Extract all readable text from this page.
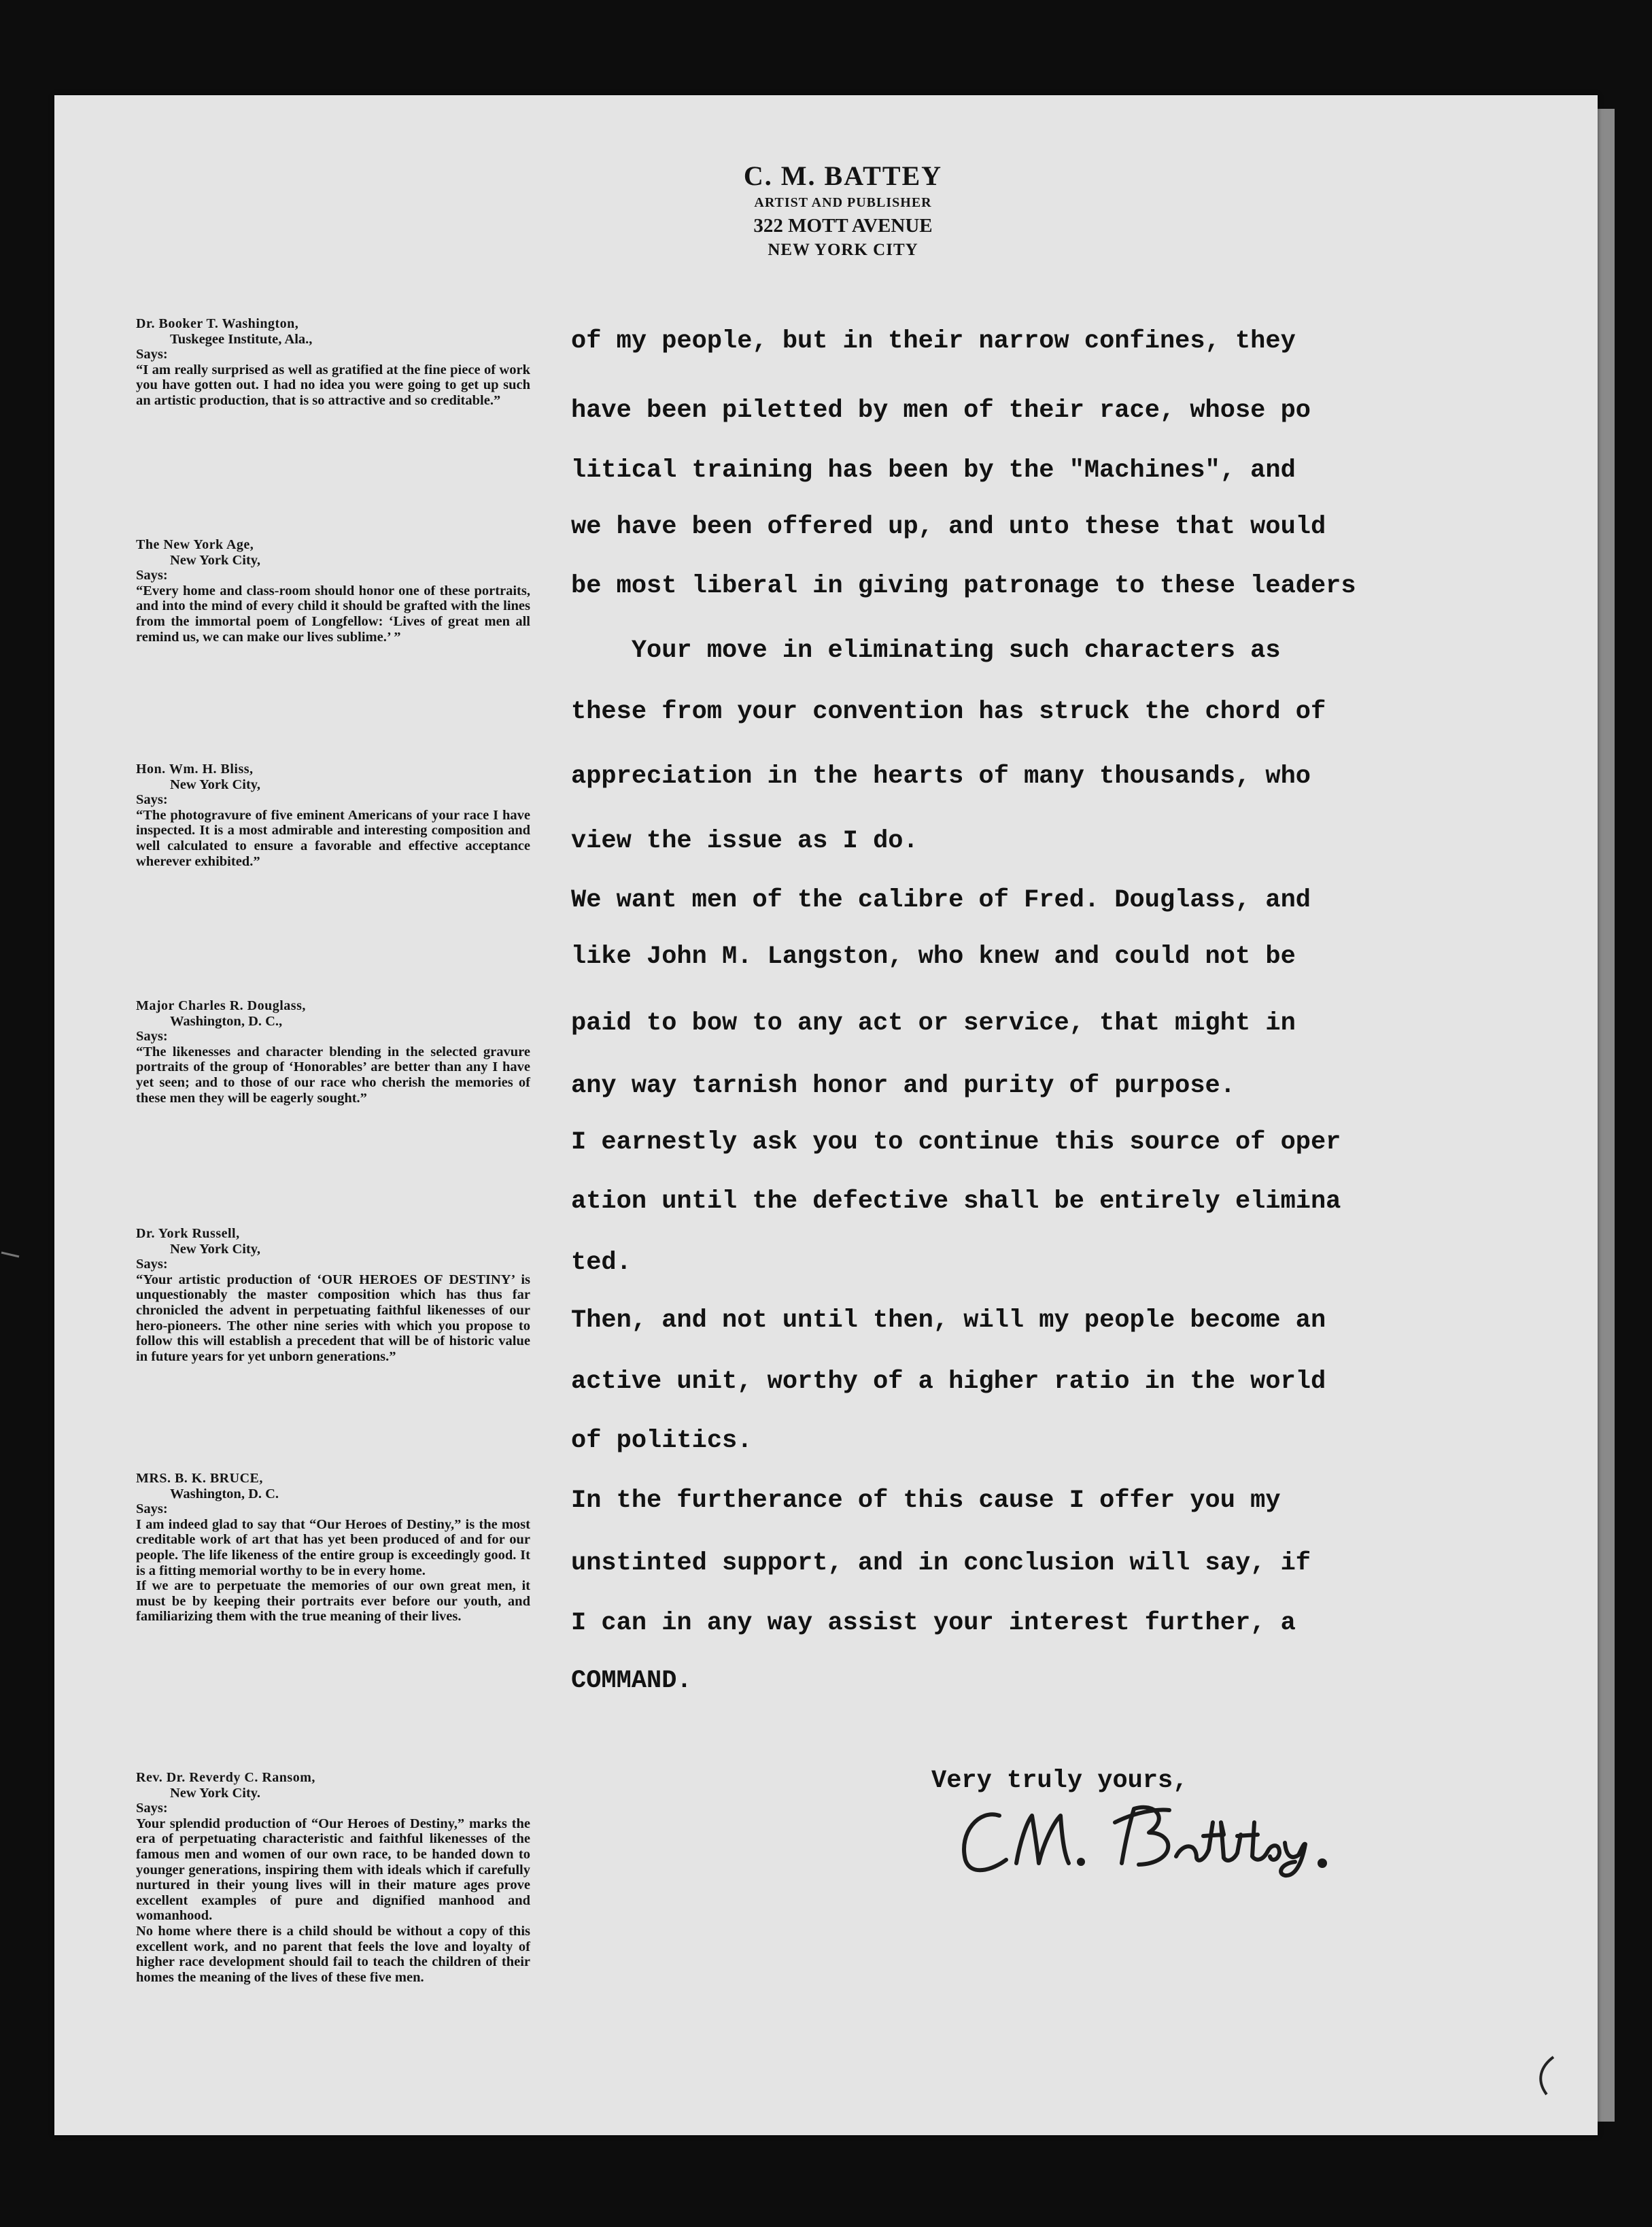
C. M. BATTEY
ARTIST AND PUBLISHER
322 MOTT AVENUE
NEW YORK CITY
Dr. Booker T. Washington,
Tuskegee Institute, Ala.,
Says:
“I am really surprised as well as gratified at the fine piece of work you have gotten out. I had no idea you were going to get up such an artistic production, that is so attractive and so creditable.”
The New York Age,
New York City,
Says:
“Every home and class-room should honor one of these portraits, and into the mind of every child it should be grafted with the lines from the immortal poem of Longfellow: ‘Lives of great men all remind us, we can make our lives sublime.’ ”
Hon. Wm. H. Bliss,
New York City,
Says:
“The photogravure of five eminent Americans of your race I have inspected. It is a most admirable and interesting composition and well calculated to ensure a favorable and effective acceptance wherever exhibited.”
Major Charles R. Douglass,
Washington, D. C.,
Says:
“The likenesses and character blending in the selected gravure portraits of the group of ‘Honorables’ are better than any I have yet seen; and to those of our race who cherish the memories of these men they will be eagerly sought.”
Dr. York Russell,
New York City,
Says:
“Your artistic production of ‘OUR HEROES OF DESTINY’ is unquestionably the master composition which has thus far chronicled the advent in perpetuating faithful likenesses of our hero-pioneers. The other nine series with which you propose to follow this will establish a precedent that will be of historic value in future years for yet unborn generations.”
MRS. B. K. BRUCE,
Washington, D. C.
Says:
I am indeed glad to say that “Our Heroes of Destiny,” is the most creditable work of art that has yet been produced of and for our people. The life likeness of the entire group is exceedingly good. It is a fitting memorial worthy to be in every home.
If we are to perpetuate the memories of our own great men, it must be by keeping their portraits ever before our youth, and familiarizing them with the true meaning of their lives.
Rev. Dr. Reverdy C. Ransom,
New York City.
Says:
Your splendid production of “Our Heroes of Destiny,” marks the era of perpetuating characteristic and faithful likenesses of the famous men and women of our own race, to be handed down to younger generations, inspiring them with ideals which if carefully nurtured in their young lives will in their mature ages prove excellent examples of pure and dignified manhood and womanhood.
No home where there is a child should be without a copy of this excellent work, and no parent that feels the love and loyalty of higher race development should fail to teach the children of their homes the meaning of the lives of these five men.
of my people, but in their narrow confines, they
have been piletted by men of their race, whose po
litical training has been by the "Machines", and
we have been offered up, and unto these that would
be most liberal in giving patronage to these leaders
Your move in eliminating such characters as
these from your convention has struck the chord of
appreciation in the hearts of many thousands, who
view the issue as I do.
We want men of the calibre of Fred. Douglass, and
like John M. Langston, who knew and could not be
paid to bow to any act or service, that might in
any way tarnish honor and purity of purpose.
I earnestly ask you to continue this source of oper
ation until the defective shall be entirely elimina
ted.
Then, and not until then, will my people become an
active unit, worthy of a higher ratio in the world
of politics.
In the furtherance of this cause I offer you my
unstinted support, and in conclusion will say, if
I can in any way assist your interest further, a
COMMAND.
Very truly yours,
